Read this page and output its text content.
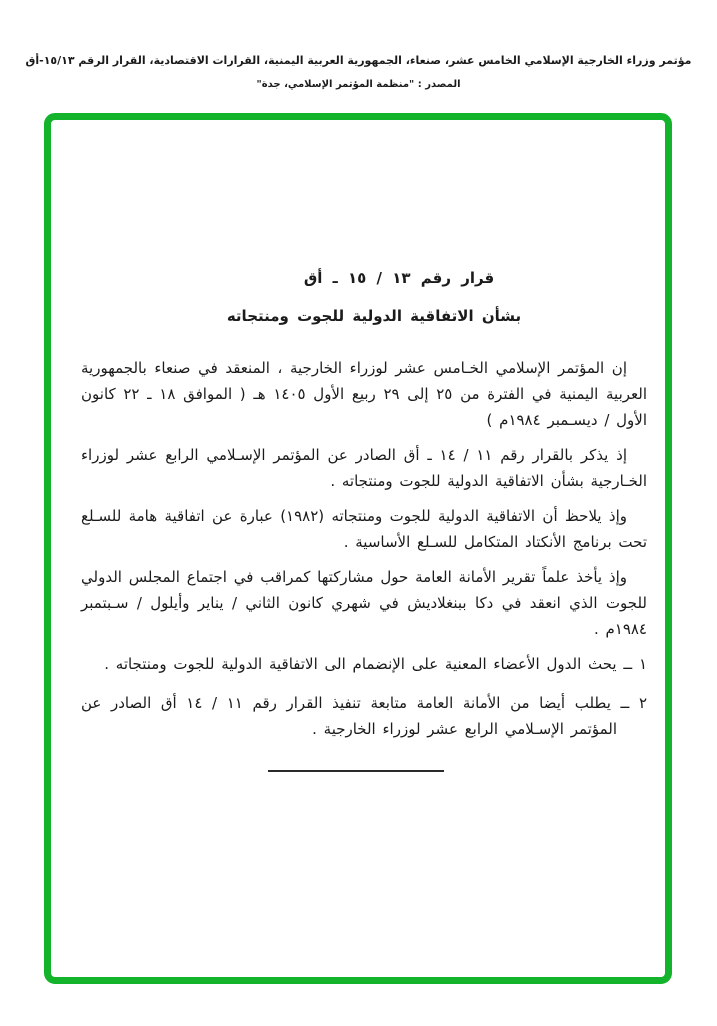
مؤتمر وزراء الخارجية الإسلامي الخامس عشر، صنعاء، الجمهورية العربية اليمنية، القرارات الاقتصادية، القرار الرقم ١٥/١٣-أق
المصدر : "منظمة المؤتمر الإسلامي، جدة"
قرار رقم ١٣ / ١٥ ـ أق
بشأن الاتفاقية الدولية للجوت ومنتجاته

إن المؤتمر الإسلامي الخـامس عشر لوزراء الخارجية ، المنعقد في صنعاء بالجمهورية العربية اليمنية في الفترة من ٢٥ إلى ٢٩ ربيع الأول ١٤٠٥ هـ ( الموافق ١٨ ـ ٢٢ كانون الأول / ديسـمبر ١٩٨٤م )

إذ يذكر بالقرار رقم ١١ / ١٤ ـ أق الصادر عن المؤتمر الإسـلامي الرابع عشر لوزراء الخـارجية بشأن الاتفاقية الدولية للجوت ومنتجاته .

وإذ يلاحظ أن الاتفاقية الدولية للجوت ومنتجاته (١٩٨٢) عبارة عن اتفاقية هامة للسـلع تحت برنامج الأنكتاد المتكامل للسـلع الأساسية .

وإذ يأخذ علماً تقرير الأمانة العامة حول مشاركتها كمراقب في اجتماع المجلس الدولي للجوت الذي انعقد في دكا ببنغلاديش في شهري كانون الثاني / يناير وأيلول / سـبتمبر ١٩٨٤م .

١ ــ يحث الدول الأعضاء المعنية على الإنضمام الى الاتفاقية الدولية للجوت ومنتجاته .

٢ ــ يطلب أيضا من الأمانة العامة متابعة تنفيذ القرار رقم ١١ / ١٤ أق الصادر عن المؤتمر الإسـلامي الرابع عشر لوزراء الخارجية .
